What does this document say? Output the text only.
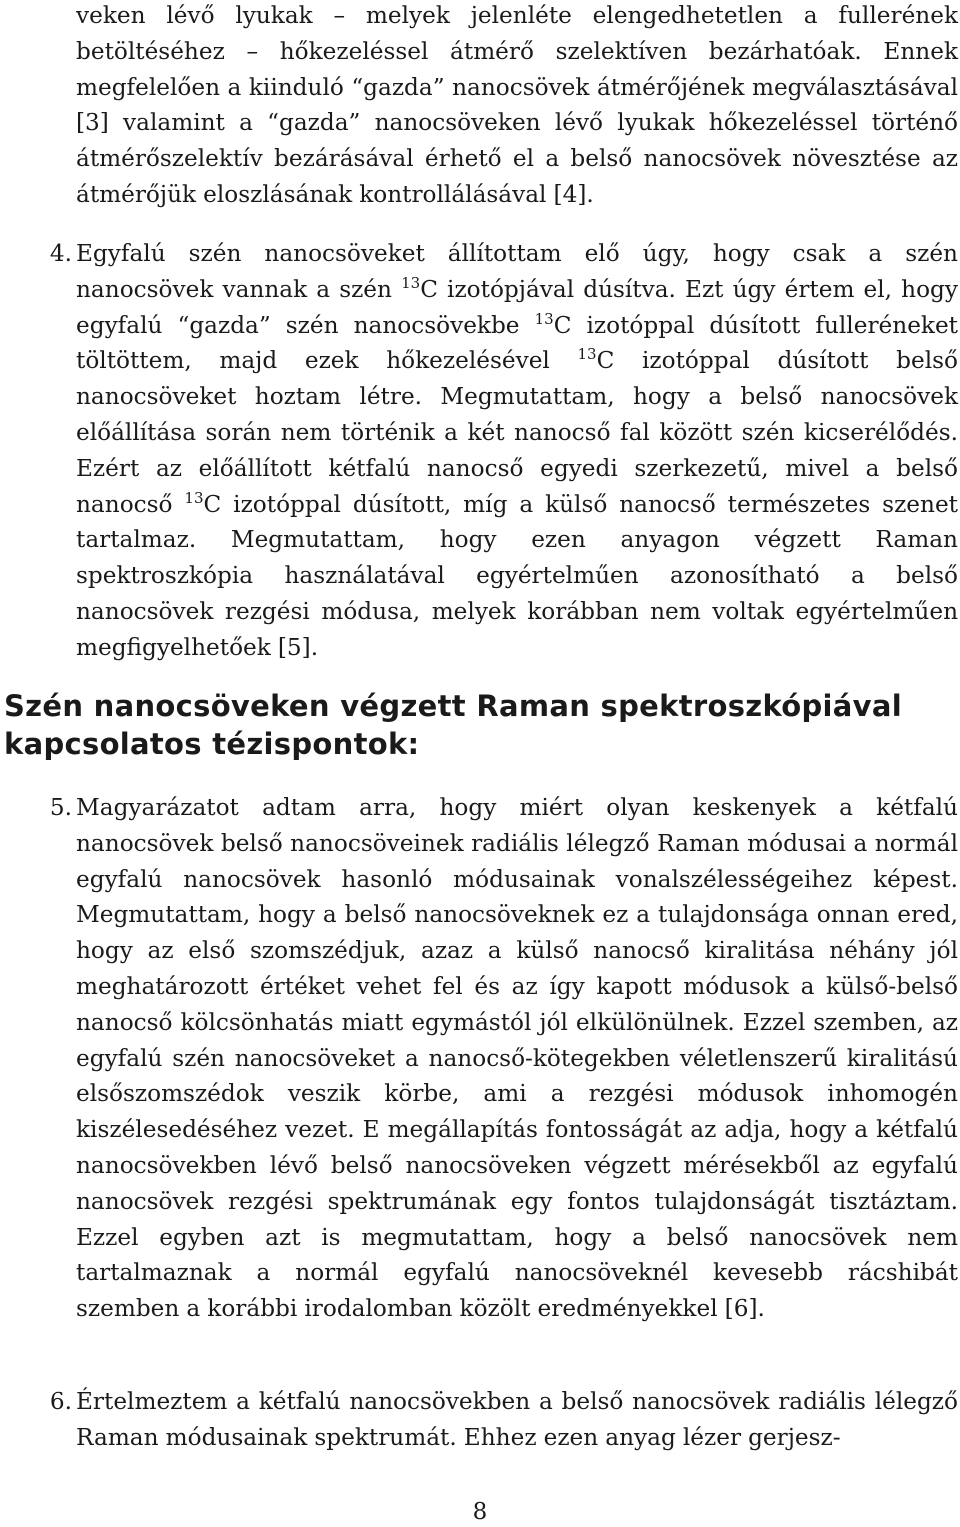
veken lévő lyukak – melyek jelenléte elengedhetetlen a fullerének betöltéséhez – hőkezeléssel átmérő szelektíven bezárhatóak. Ennek megfelelően a kiinduló “gazda” nanocsövek átmérőjének megválasztásával [3] valamint a “gazda” nanocsöveken lévő lyukak hőkezeléssel történő átmérőszelektív bezárásával érhető el a belső nanocsövek növesztése az átmérőjük eloszlásának kontrollálásával [4].

4. Egyfalú szén nanocsöveket állítottam elő úgy, hogy csak a szén nanocsövek vannak a szén $^{13}$C izotópjával dúsítva. Ezt úgy értem el, hogy egyfalú “gazda” szén nanocsövekbe $^{13}$C izotóppal dúsított fulleréneket töltöttem, majd ezek hőkezelésével $^{13}$C izotóppal dúsított belső nanocsöveket hoztam létre. Megmutattam, hogy a belső nanocsövek előállítása során nem történik a két nanocső fal között szén kicserélődés. Ezért az előállított kétfalú nanocső egyedi szerkezetű, mivel a belső nanocső $^{13}$C izotóppal dúsított, míg a külső nanocső természetes szenet tartalmaz. Megmutattam, hogy ezen anyagon végzett Raman spektroszkópia használatával egyértelműen azonosítható a belső nanocsövek rezgési módusa, melyek korábban nem voltak egyértelműen megfigyelhetőek [5].
Szén nanocsöveken végzett Raman spektroszkópiával kapcsolatos tézispontok:
5. Magyarázatot adtam arra, hogy miért olyan keskenyek a kétfalú nanocsövek belső nanocsöveinek radiális lélegző Raman módusai a normál egyfalú nanocsövek hasonló módusainak vonalszélességeihez képest. Megmutattam, hogy a belső nanocsöveknek ez a tulajdonsága onnan ered, hogy az első szomszédjuk, azaz a külső nanocső kiralitása néhány jól meghatározott értéket vehet fel és az így kapott módusok a külső-belső nanocső kölcsönhatás miatt egymástól jól elkülönülnek. Ezzel szemben, az egyfalú szén nanocsöveket a nanocső-kötegekben véletlenszerű kiralitású elsőszomszédok veszik körbe, ami a rezgési módusok inhomogén kiszélesedéséhez vezet. E megállapítás fontosságát az adja, hogy a kétfalú nanocsövekben lévő belső nanocsöveken végzett mérésekből az egyfalú nanocsövek rezgési spektrumának egy fontos tulajdonságát tisztáztam. Ezzel egyben azt is megmutattam, hogy a belső nanocsövek nem tartalmaznak a normál egyfalú nanocsöveknél kevesebb rácshibát szemben a korábbi irodalomban közölt eredményekkel [6].
6. Értelmeztem a kétfalú nanocsövekben a belső nanocsövek radiális lélegző Raman módusainak spektrumát. Ehhez ezen anyag lézer gerjesz-
8
